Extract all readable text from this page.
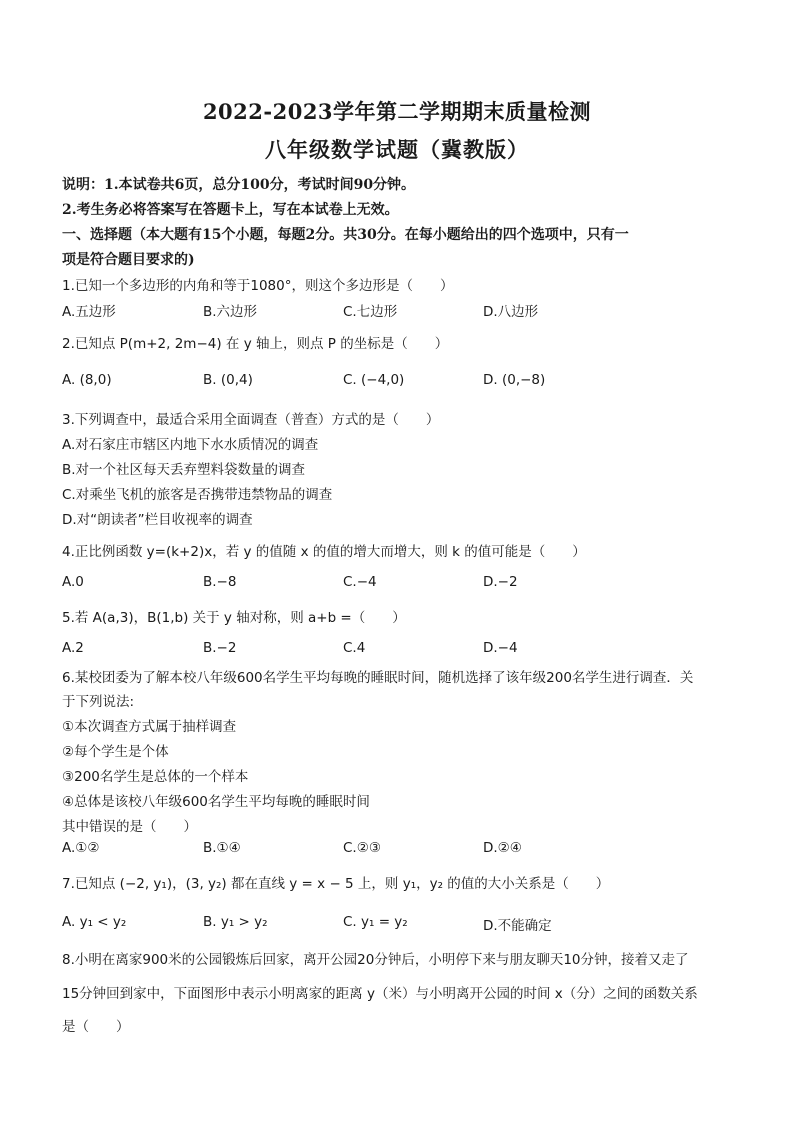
2022-2023学年第二学期期末质量检测
八年级数学试题（冀教版）
说明：1.本试卷共6页，总分100分，考试时间90分钟。
2.考生务必将答案写在答题卡上，写在本试卷上无效。
一、选择题（本大题有15个小题，每题2分。共30分。在每小题给出的四个选项中，只有一
项是符合题目要求的)
1.已知一个多边形的内角和等于1080°，则这个多边形是（　　）
A.五边形	B.六边形	C.七边形	D.八边形
2.已知点 P(m+2, 2m−4) 在 y 轴上，则点 P 的坐标是（　　）
A. (8,0)	B. (0,4)	C. (−4,0)	D. (0,−8)
3.下列调查中，最适合采用全面调查（普查）方式的是（　　）
A.对石家庄市辖区内地下水水质情况的调查
B.对一个社区每天丢弃塑料袋数量的调查
C.对乘坐飞机的旅客是否携带违禁物品的调查
D.对“朗读者”栏目收视率的调查
4.正比例函数 y=(k+2)x，若 y 的值随 x 的值的增大而增大，则 k 的值可能是（　　）
A.0	B.−8	C.−4	D.−2
5.若 A(a,3)，B(1,b) 关于 y 轴对称，则 a+b =（　　）
A.2	B.−2	C.4	D.−4
6.某校团委为了解本校八年级600名学生平均每晚的睡眠时间，随机选择了该年级200名学生进行调查．关
于下列说法:
①本次调查方式属于抽样调查
②每个学生是个体
③200名学生是总体的一个样本
④总体是该校八年级600名学生平均每晚的睡眠时间
其中错误的是（　　）
A.①②	B.①④	C.②③	D.②④
7.已知点 (−2, y₁)，(3, y₂) 都在直线 y = x − 5 上，则 y₁，y₂ 的值的大小关系是（　　）
A. y₁ < y₂	B. y₁ > y₂	C. y₁ = y₂	D.不能确定
8.小明在离家900米的公园锻炼后回家，离开公园20分钟后，小明停下来与朋友聊天10分钟，接着又走了
15分钟回到家中，下面图形中表示小明离家的距离 y（米）与小明离开公园的时间 x（分）之间的函数关系
是（　　）
